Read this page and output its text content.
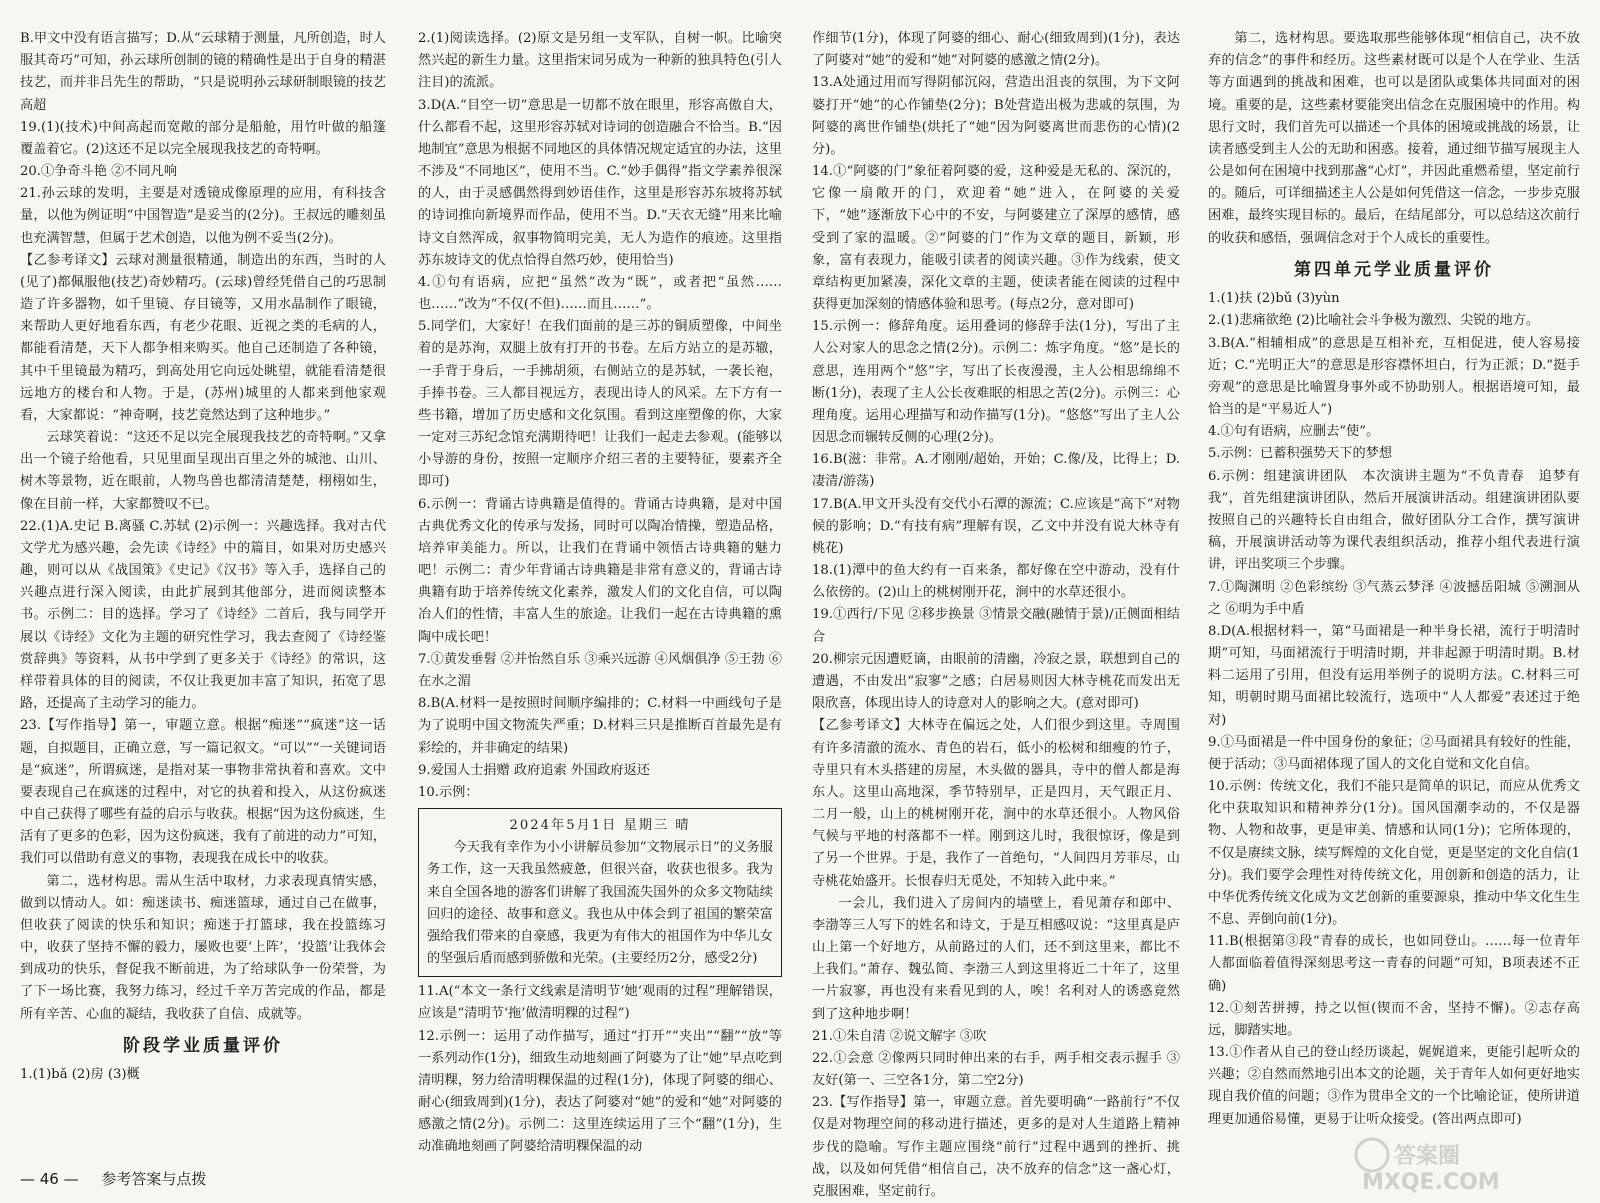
B.甲文中没有语言描写；D.从“云球精于测量，凡所创造，时人服其奇巧”可知，孙云球所创制的镜的精确性是出于自身的精湛技艺，而并非吕先生的帮助，“只是说明孙云球研制眼镜的技艺高超

19.(1)(技术)中间高起而宽敞的部分是船舱，用竹叶做的船篷覆盖着它。(2)这还不足以完全展现我技艺的奇特啊。

20.①争奇斗艳 ②不同凡响

21.孙云球的发明，主要是对透镜成像原理的应用，有科技含量，以他为例证明“中国智造”是妥当的(2分)。王叔远的雕刻虽也充满智慧，但属于艺术创造，以他为例不妥当(2分)。

【乙参考译文】云球对测量很精通，制造出的东西，当时的人(见了)都佩服他(技艺)奇妙精巧。(云球)曾经凭借自己的巧思制造了许多器物，如千里镜、存目镜等，又用水晶制作了眼镜，来帮助人更好地看东西，有老少花眼、近视之类的毛病的人，都能看清楚，天下人都争相来购买。他自己还制造了各种镜，其中千里镜最为精巧，到高处用它向远处眺望，就能看清楚很远地方的楼台和人物。于是，(苏州)城里的人都来到他家观看，大家都说：“神奇啊，技艺竟然达到了这种地步。”

云球笑着说：“这还不足以完全展现我技艺的奇特啊。”又拿出一个镜子给他看，只见里面呈现出百里之外的城池、山川、树木等景物，近在眼前，人物鸟兽也都清清楚楚，栩栩如生，像在目前一样，大家都赞叹不已。

22.(1)A.史记 B.离骚 C.苏轼 (2)示例一：兴趣选择。我对古代文学尤为感兴趣，会先读《诗经》中的篇目，如果对历史感兴趣，则可以从《战国策》《史记》《汉书》等入手，选择自己的兴趣点进行深入阅读，由此扩展到其他部分，进而阅读整本书。示例二：目的选择。学习了《诗经》二首后，我与同学开展以《诗经》文化为主题的研究性学习，我去查阅了《诗经鉴赏辞典》等资料，从书中学到了更多关于《诗经》的常识，这样带着具体的目的阅读，不仅让我更加丰富了知识，拓宽了思路，还提高了主动学习的能力。

23.【写作指导】第一，审题立意。根据“痴迷”“疯迷”这一话题，自拟题目，正确立意，写一篇记叙文。“可以”“一关键词语是“疯迷”，所谓疯迷，是指对某一事物非常执着和喜欢。文中要表现自己在疯迷的过程中，对它的执着和投入，从这份疯迷中自己获得了哪些有益的启示与收获。根据“因为这份疯迷，生活有了更多的色彩，因为这份疯迷，我有了前进的动力”可知，我们可以借助有意义的事物，表现我在成长中的收获。

第二，选材构思。需从生活中取材，力求表现真情实感，做到以情动人。如：痴迷读书、痴迷篮球，通过自己在做事，但收获了阅读的快乐和知识；痴迷于打篮球，我在投篮练习中，收获了坚持不懈的毅力，屡败也要‘上阵’，‘投篮’让我体会到成功的快乐，督促我不断前进，为了给球队争一份荣誉，为了下一场比赛，我努力练习，经过千辛万苦完成的作品，都是所有辛苦、心血的凝结，我收获了自信、成就等。

阶段学业质量评价

1.(1)bǎ (2)房 (3)概

2.(1)阅读选择。(2)原文是另组一支军队，自树一帜。比喻突然兴起的新生力量。这里指宋词另成为一种新的独具特色(引人注目)的流派。

3.D(A.“目空一切”意思是一切都不放在眼里，形容高傲自大，什么都看不起，这里形容苏轼对诗词的创造融合不恰当。B.“因地制宜”意思为根据不同地区的具体情况规定适宜的办法，这里不涉及“不同地区”，使用不当。C.“妙手偶得”指文学素养很深的人，由于灵感偶然得到妙语佳作，这里是形容苏东坡将苏轼的诗词推向新境界而作品，使用不当。D.“天衣无缝”用来比喻诗文自然浑成，叙事物简明完美，无人为造作的痕迹。这里指苏东坡诗文的优点恰得自然巧妙，使用恰当)

4.①句有语病，应把“虽然”改为“既”，或者把“虽然……也……”改为“不仅(不但)……而且……”。

5.同学们，大家好！在我们面前的是三苏的铜质塑像，中间坐着的是苏洵，双腿上放有打开的书卷。左后方站立的是苏辙，一手背于身后，一手拂胡须，右侧站立的是苏轼，一袭长袍，手捧书卷。三人都目视远方，表现出诗人的风采。左下方有一些书籍，增加了历史感和文化氛围。看到这座塑像的你，大家一定对三苏纪念馆充满期待吧！让我们一起走去参观。(能够以小导游的身份，按照一定顺序介绍三者的主要特征，要素齐全即可)

6.示例一：背诵古诗典籍是值得的。背诵古诗典籍，是对中国古典优秀文化的传承与发扬，同时可以陶冶情操，塑造品格，培养审美能力。所以，让我们在背诵中领悟古诗典籍的魅力吧！示例二：青少年背诵古诗典籍是非常有意义的，背诵古诗典籍有助于培养传统文化素养，激发人们的文化自信，可以陶冶人们的性情，丰富人生的旅途。让我们一起在古诗典籍的熏陶中成长吧！

7.①黄发垂髫 ②并怡然自乐 ③乘兴远游 ④风烟俱净 ⑤王勃 ⑥在水之湄

8.B(A.材料一是按照时间顺序编排的；C.材料一中画线句子是为了说明中国文物流失严重；D.材料三只是推断百首最先是有彩绘的，并非确定的结果)

9.爱国人士捐赠 政府追索 外国政府返还

10.示例：

2024年5月1日 星期三 晴

今天我有幸作为小小讲解员参加“文物展示日”的义务服务工作，这一天我虽然疲惫，但很兴奋，收获也很多。我为来自全国各地的游客们讲解了我国流失国外的众多文物陆续回归的途径、故事和意义。我也从中体会到了祖国的繁荣富强给我们带来的自豪感，我更为有伟大的祖国作为中华儿女的坚强后盾而感到骄傲和光荣。(主要经历2分，感受2分)

11.A(“本文一条行文线索是清明节‘她’观雨的过程”理解错误，应该是“清明节‘拖’做清明粿的过程”)

12.示例一：运用了动作描写，通过“打开”“夹出”“翻”“放”等一系列动作(1分)，细致生动地刻画了阿婆为了让“她”早点吃到清明粿，努力给清明粿保温的过程(1分)，体现了阿婆的细心、耐心(细致周到)(1分)，表达了阿婆对“她”的爱和“她”对阿婆的感激之情(2分)。示例二：这里连续运用了三个“翻”(1分)，生动准确地刻画了阿婆给清明粿保温的动

作细节(1分)，体现了阿婆的细心、耐心(细致周到)(1分)，表达了阿婆对“她”的爱和“她”对阿婆的感激之情(2分)。

13.A处通过用而写得阴郁沉闷，营造出沮丧的氛围，为下文阿婆打开“她”的心作铺垫(2分)；B处营造出极为悲戚的氛围，为阿婆的离世作铺垫(烘托了“她”因为阿婆离世而悲伤的心情)(2分)。

14.①“阿婆的门”象征着阿婆的爱，这种爱是无私的、深沉的，它像一扇敞开的门，欢迎着“她”进入，在阿婆的关爱下，“她”逐渐放下心中的不安，与阿婆建立了深厚的感情，感受到了家的温暖。②“阿婆的门”作为文章的题目，新颖，形象，富有表现力，能吸引读者的阅读兴趣。③作为线索，使文章结构更加紧凑，深化文章的主题，使读者能在阅读的过程中获得更加深刻的情感体验和思考。(每点2分，意对即可)

15.示例一：修辞角度。运用叠词的修辞手法(1分)，写出了主人公对家人的思念之情(2分)。示例二：炼字角度。“悠”是长的意思，连用两个“悠”字，写出了长夜漫漫，主人公相思绵绵不断(1分)，表现了主人公长夜难眠的相思之苦(2分)。示例三：心理角度。运用心理描写和动作描写(1分)。“悠悠”写出了主人公因思念而辗转反侧的心理(2分)。

16.B(滋：非常。A.才刚刚/超始，开始；C.像/及，比得上；D.凄清/游荡)

17.B(A.甲文开头没有交代小石潭的源流；C.应该是“高下”对物候的影响；D.“有技有病”理解有误，乙文中并没有说大林寺有桃花)

18.(1)潭中的鱼大约有一百来条，都好像在空中游动，没有什么依傍的。(2)山上的桃树刚开花，涧中的水草还很小。

19.①西行/下见 ②移步换景 ③情景交融(融情于景)/正侧面相结合

20.柳宗元因遭贬谪，由眼前的清幽，冷寂之景，联想到自己的遭遇，不由发出“寂寥”之感；白居易则因大林寺桃花而发出无限欣喜，体现出诗人的诗意对人的影响之大。(意对即可)

【乙参考译文】大林寺在偏远之处，人们很少到这里。寺周围有许多清澈的流水、青色的岩石，低小的松树和细瘦的竹子，寺里只有木头搭建的房屋，木头做的器具，寺中的僧人都是海东人。这里山高地深，季节特别早，正是四月，天气跟正月、二月一般，山上的桃树刚开花，涧中的水草还很小。人物风俗气候与平地的村落都不一样。刚到这儿时，我很惊讶，像是到了另一个世界。于是，我作了一首绝句，“人间四月芳菲尽，山寺桃花始盛开。长恨春归无觅处，不知转入此中来。”

一会儿，我们进入了房间内的墙壁上，看见萧存和郎中、李渤等三人写下的姓名和诗文，于是互相感叹说：“这里真是庐山上第一个好地方，从前路过的人们，还不到这里来，都比不上我们。”萧存、魏弘简、李渤三人到这里将近二十年了，这里一片寂寥，再也没有来看见到的人，唉！名利对人的诱惑竟然到了这种地步啊！

21.①朱自清 ②说文解字 ③吹

22.①会意 ②像两只同时伸出来的右手，两手相交表示握手 ③友好(第一、三空各1分，第二空2分)

23.【写作指导】第一，审题立意。首先要明确“一路前行”不仅仅是对物理空间的移动进行描述，更多的是对人生道路上精神步伐的隐喻。写作主题应围绕“前行”过程中遇到的挫折、挑战，以及如何凭借“相信自己，决不放弃的信念”这一盏心灯，克服困难，坚定前行。

第二，选材构思。要选取那些能够体现“相信自己，决不放弃的信念”的事件和经历。这些素材既可以是个人在学业、生活等方面遇到的挑战和困难，也可以是团队或集体共同面对的困境。重要的是，这些素材要能突出信念在克服困境中的作用。构思行文时，我们首先可以描述一个具体的困境或挑战的场景，让读者感受到主人公的无助和困惑。接着，通过细节描写展现主人公是如何在困境中找到那盏“心灯”，并因此重燃希望，坚定前行的。随后，可详细描述主人公是如何凭借这一信念，一步步克服困难，最终实现目标的。最后，在结尾部分，可以总结这次前行的收获和感悟，强调信念对于个人成长的重要性。

第四单元学业质量评价

1.(1)扶 (2)bǔ (3)yùn

2.(1)悲痛欲绝 (2)比喻社会斗争极为激烈、尖锐的地方。

3.B(A.“相辅相成”的意思是互相补充，互相促进，使人容易接近；C.“光明正大”的意思是形容襟怀坦白，行为正派；D.“挺手旁观”的意思是比喻置身事外或不协助别人。根据语境可知，最恰当的是“平易近人”)

4.①句有语病，应删去“使”。

5.示例：已蓄积强势天下的梦想

6.示例：组建演讲团队　本次演讲主题为“不负青春　追梦有我”，首先组建演讲团队，然后开展演讲活动。组建演讲团队要按照自己的兴趣特长自由组合，做好团队分工合作，撰写演讲稿，开展演讲活动等为课代表组织活动，推荐小组代表进行演讲，评出奖项三个步骤。

7.①陶渊明 ②色彩缤纷 ③气蒸云梦泽 ④波撼岳阳城 ⑤溯洄从之 ⑥明为手中盾

8.D(A.根据材料一，第“马面裙是一种半身长裙，流行于明清时期”可知，马面裙流行于明清时期，并非起源于明清时期。B.材料二运用了引用，但没有运用举例子的说明方法。C.材料三可知，明朝时期马面裙比较流行，选项中“人人都爱”表述过于绝对)

9.①马面裙是一件中国身份的象征；②马面裙具有较好的性能，便于活动；③马面裙体现了国人的文化自觉和文化自信。

10.示例：传统文化，我们不能只是简单的识记，而应从优秀文化中获取知识和精神养分(1分)。国风国潮李动的，不仅是器物、人物和故事，更是审美、情感和认同(1分)；它所体现的，不仅是赓续文脉，续写辉煌的文化自觉，更是坚定的文化自信(1分)。我们要学会理性对待传统文化，用创新和创造的活力，让中华优秀传统文化成为文艺创新的重要源泉，推动中华文化生生不息、弄倒向前(1分)。

11.B(根据第③段“青春的成长，也如同登山。……每一位青年人都面临着值得深刻思考这一青春的问题”可知，B项表述不正确)

12.①刻苦拼搏，持之以恒(锲而不舍，坚持不懈)。②志存高远，脚踏实地。

13.①作者从自己的登山经历谈起，娓娓道来，更能引起听众的兴趣；②自然而然地引出本文的论题，关于青年人如何更好地实现自我价值的问题；③作为贯串全文的一个比喻论证，使所讲道理更加通俗易懂，更易于让听众接受。(答出两点即可)

— 46 — 参考答案与点拨
答案圈
MXQE.COM
